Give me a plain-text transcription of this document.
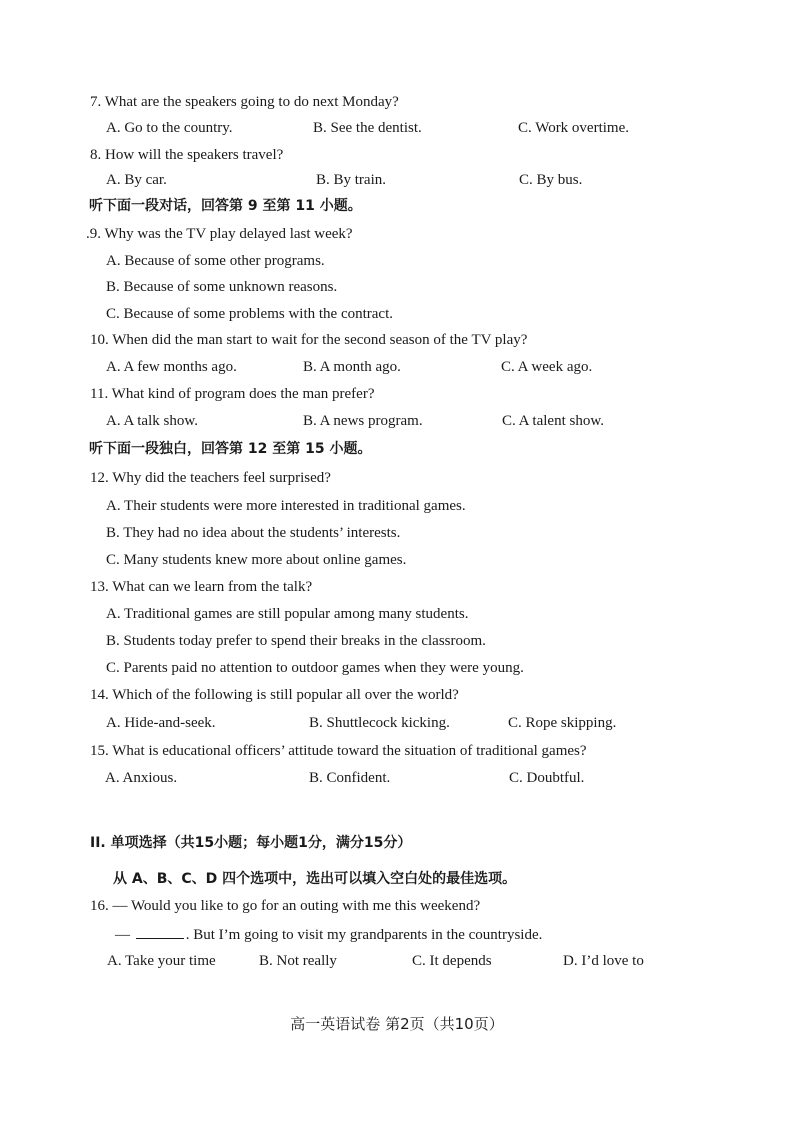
7. What are the speakers going to do next Monday?
A. Go to the country.	B. See the dentist.	C. Work overtime.
8. How will the speakers travel?
A. By car.	B. By train.	C. By bus.
听下面一段对话，回答第 9 至第 11 小题。
.9. Why was the TV play delayed last week?
A. Because of some other programs.
B. Because of some unknown reasons.
C. Because of some problems with the contract.
10. When did the man start to wait for the second season of the TV play?
A. A few months ago.	B. A month ago.	C. A week ago.
11. What kind of program does the man prefer?
A. A talk show.	B. A news program.	C. A talent show.
听下面一段独白，回答第 12 至第 15 小题。
12. Why did the teachers feel surprised?
A. Their students were more interested in traditional games.
B. They had no idea about the students’ interests.
C. Many students knew more about online games.
13. What can we learn from the talk?
A. Traditional games are still popular among many students.
B. Students today prefer to spend their breaks in the classroom.
C. Parents paid no attention to outdoor games when they were young.
14. Which of the following is still popular all over the world?
A. Hide-and-seek.	B. Shuttlecock kicking.	C. Rope skipping.
15. What is educational officers’ attitude toward the situation of traditional games?
A. Anxious.	B. Confident.	C. Doubtful.
II. 单项选择（共15小题；每小题1分，满分15分）
从 A、B、C、D 四个选项中，选出可以填入空白处的最佳选项。
16. — Would you like to go for an outing with me this weekend?
—	. But I’m going to visit my grandparents in the countryside.
A. Take your time	B. Not really	C. It depends	D. I’d love to
高一英语试卷 第2页（共10页）
